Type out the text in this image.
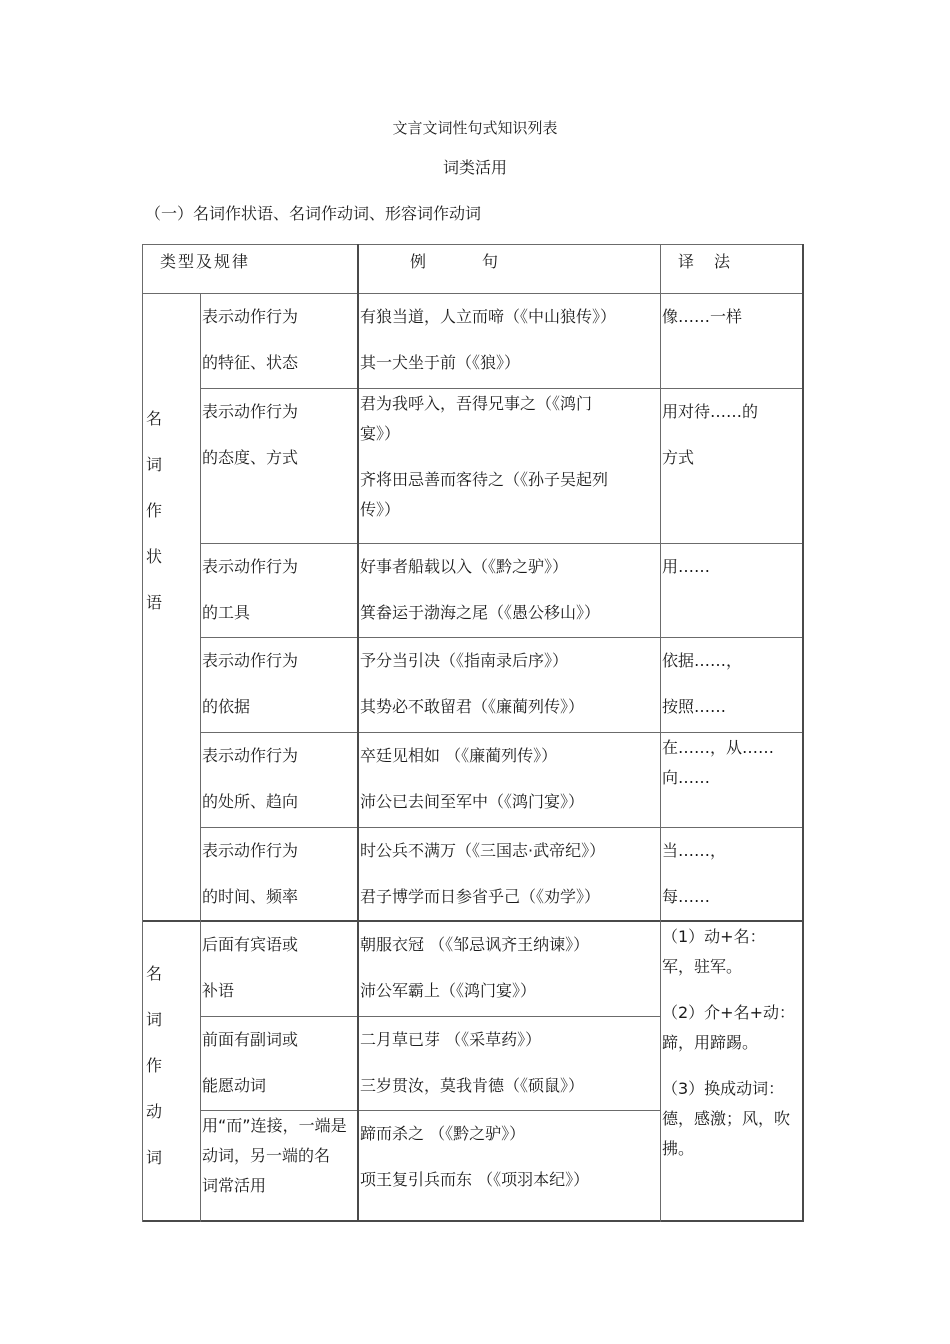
文言文词性句式知识列表
词类活用
（一）名词作状语、名词作动词、形容词作动词
类型及规律	例　　　句	译　法
名
词
作
状
语
名
词
作
动
词
表示动作行为
的特征、状态
有狼当道，人立而啼（《中山狼传》）
其一犬坐于前（《狼》）
像……一样
表示动作行为
的态度、方式
君为我呼入，吾得兄事之（《鸿门
宴》）
齐将田忌善而客待之（《孙子吴起列
传》）
用对待……的
方式
表示动作行为
的工具
好事者船载以入（《黔之驴》）
箕畚运于渤海之尾（《愚公移山》）
用……
表示动作行为
的依据
予分当引决（《指南录后序》）
其势必不敢留君（《廉蔺列传》）
依据……，
按照……
表示动作行为
的处所、趋向
卒廷见相如 （《廉蔺列传》）
沛公已去间至军中（《鸿门宴》）
在……，从……
向……
表示动作行为
的时间、频率
时公兵不满万（《三国志·武帝纪》）
君子博学而日参省乎己（《劝学》）
当……，
每……
后面有宾语或
补语
朝服衣冠 （《邹忌讽齐王纳谏》）
沛公军霸上（《鸿门宴》）
前面有副词或
能愿动词
二月草已芽 （《采草药》）
三岁贯汝，莫我肯德（《硕鼠》）
用“而”连接，一端是
动词，另一端的名
词常活用
蹄而杀之 （《黔之驴》）
项王复引兵而东 （《项羽本纪》）
（1）动+名：
军，驻军。
（2）介+名+动：
蹄，用蹄踢。
（3）换成动词：
德，感激；风，吹
拂。
